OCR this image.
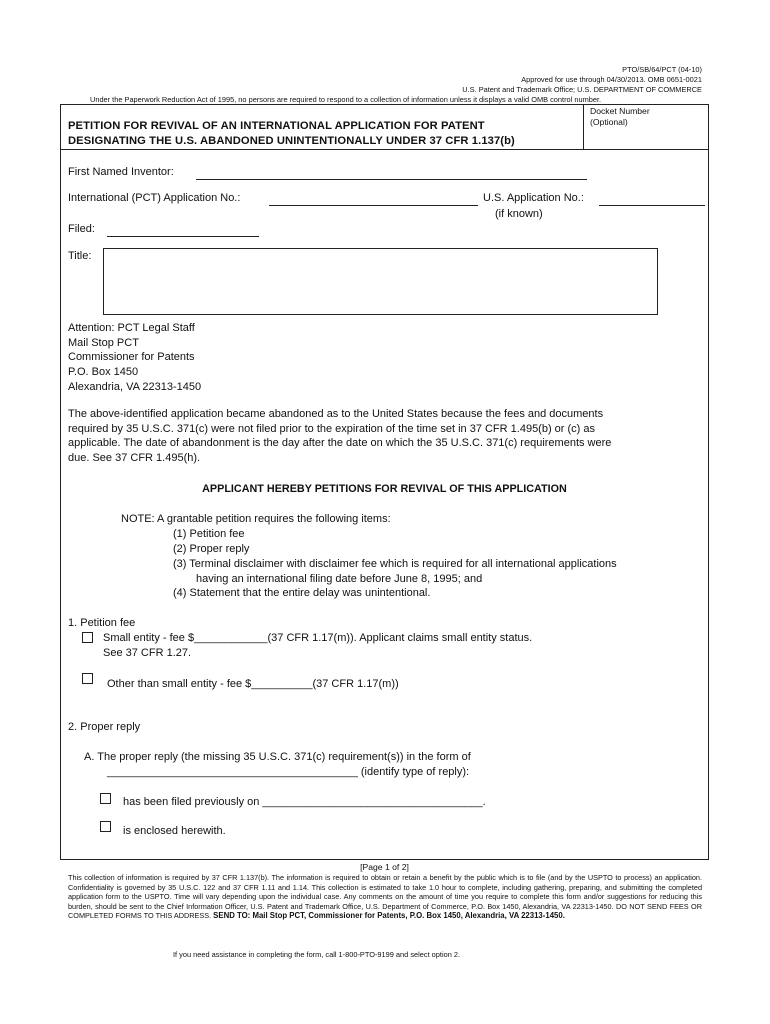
PTO/SB/64/PCT (04-10)
Approved for use through 04/30/2013. OMB 0651-0021
U.S. Patent and Trademark Office; U.S. DEPARTMENT OF COMMERCE
Under the Paperwork Reduction Act of 1995, no persons are required to respond to a collection of information unless it displays a valid OMB control number.
PETITION FOR REVIVAL OF AN INTERNATIONAL APPLICATION FOR PATENT
DESIGNATING THE U.S. ABANDONED UNINTENTIONALLY UNDER 37 CFR 1.137(b)
Docket Number
(Optional)
First Named Inventor:
International (PCT) Application No.:	U.S. Application No.:
(if known)
Filed:
Title:
Attention: PCT Legal Staff
Mail Stop PCT
Commissioner for Patents
P.O. Box 1450
Alexandria, VA 22313-1450
The above-identified application became abandoned as to the United States because the fees and documents
required by 35 U.S.C. 371(c) were not filed prior to the expiration of the time set in 37 CFR 1.495(b) or (c) as
applicable. The date of abandonment is the day after the date on which the 35 U.S.C. 371(c) requirements were
due. See 37 CFR 1.495(h).
APPLICANT HEREBY PETITIONS FOR REVIVAL OF THIS APPLICATION
NOTE: A grantable petition requires the following items:
(1) Petition fee
(2) Proper reply
(3) Terminal disclaimer with disclaimer fee which is required for all international applications
having an international filing date before June 8, 1995; and
(4) Statement that the entire delay was unintentional.
1. Petition fee
Small entity - fee $____________(37 CFR 1.17(m)). Applicant claims small entity status.
See 37 CFR 1.27.
Other than small entity - fee $__________(37 CFR 1.17(m))
2. Proper reply
A. The proper reply (the missing 35 U.S.C. 371(c) requirement(s)) in the form of
_________________________________________ (identify type of reply):
has been filed previously on ____________________________________.
is enclosed herewith.
[Page 1 of 2]
This collection of information is required by 37 CFR 1.137(b). The information is required to obtain or retain a benefit by the public which is to file (and by the USPTO to process) an application. Confidentiality is governed by 35 U.S.C. 122 and 37 CFR 1.11 and 1.14. This collection is estimated to take 1.0 hour to complete, including gathering, preparing, and submitting the completed application form to the USPTO. Time will vary depending upon the individual case. Any comments on the amount of time you require to complete this form and/or suggestions for reducing this burden, should be sent to the Chief Information Officer, U.S. Patent and Trademark Office, U.S. Department of Commerce, P.O. Box 1450, Alexandria, VA 22313-1450. DO NOT SEND FEES OR COMPLETED FORMS TO THIS ADDRESS. SEND TO: Mail Stop PCT, Commissioner for Patents, P.O. Box 1450, Alexandria, VA 22313-1450.
If you need assistance in completing the form, call 1-800-PTO-9199 and select option 2.
